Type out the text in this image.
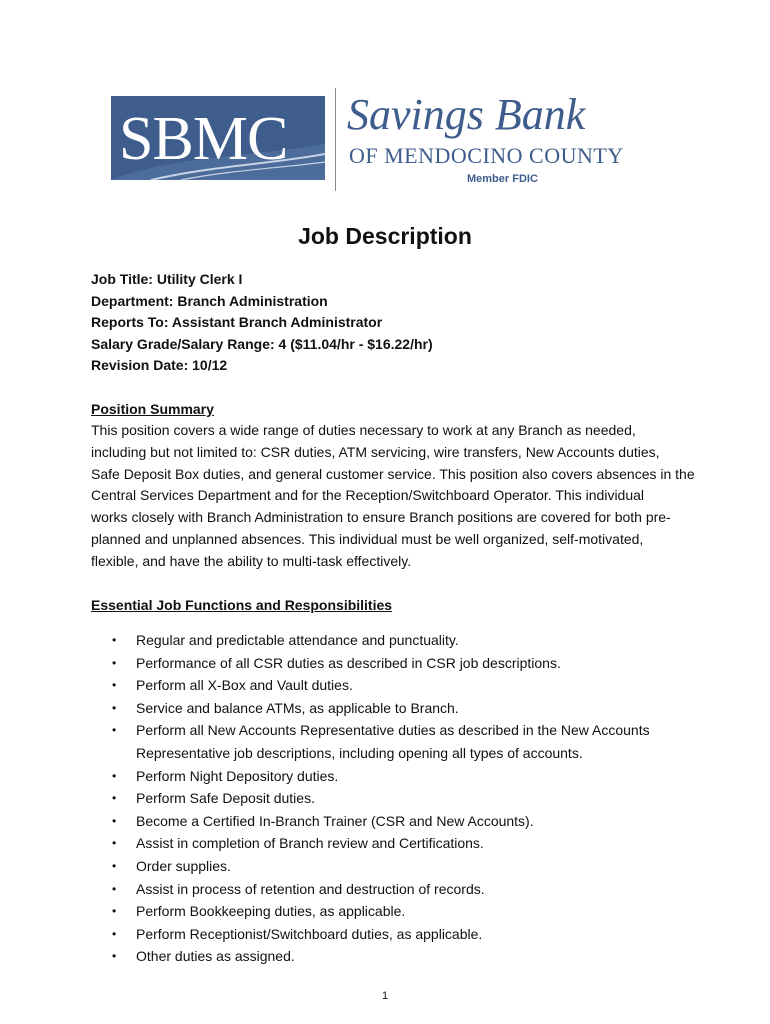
SBMC Savings Bank
OF MENDOCINO COUNTY
Member FDIC
Job Description
Job Title: Utility Clerk I
Department: Branch Administration
Reports To: Assistant Branch Administrator
Salary Grade/Salary Range: 4 ($11.04/hr - $16.22/hr)
Revision Date: 10/12
Position Summary
This position covers a wide range of duties necessary to work at any Branch as needed,
including but not limited to: CSR duties, ATM servicing, wire transfers, New Accounts duties,
Safe Deposit Box duties, and general customer service. This position also covers absences in the
Central Services Department and for the Reception/Switchboard Operator. This individual
works closely with Branch Administration to ensure Branch positions are covered for both pre-
planned and unplanned absences. This individual must be well organized, self-motivated,
flexible, and have the ability to multi-task effectively.
Essential Job Functions and Responsibilities
• Regular and predictable attendance and punctuality.
• Performance of all CSR duties as described in CSR job descriptions.
• Perform all X-Box and Vault duties.
• Service and balance ATMs, as applicable to Branch.
• Perform all New Accounts Representative duties as described in the New Accounts
Representative job descriptions, including opening all types of accounts.
• Perform Night Depository duties.
• Perform Safe Deposit duties.
• Become a Certified In-Branch Trainer (CSR and New Accounts).
• Assist in completion of Branch review and Certifications.
• Order supplies.
• Assist in process of retention and destruction of records.
• Perform Bookkeeping duties, as applicable.
• Perform Receptionist/Switchboard duties, as applicable.
• Other duties as assigned.
1
